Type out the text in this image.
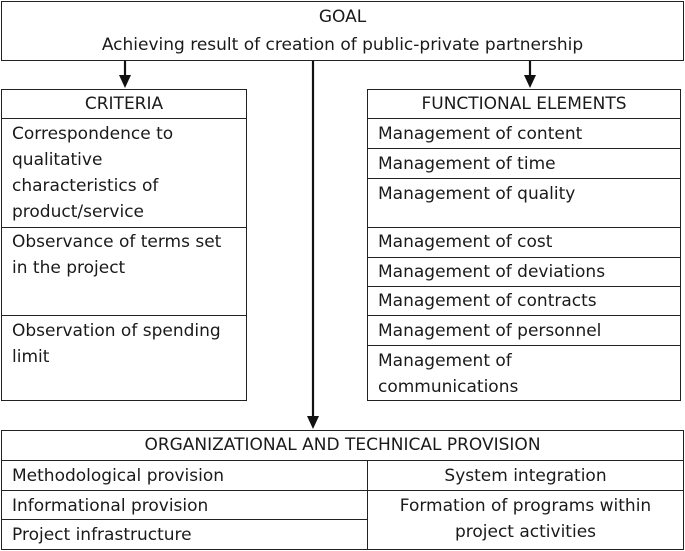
GOAL
Achieving result of creation of public-private partnership
CRITERIA
Correspondence to
qualitative
characteristics of
product/service
Observance of terms set
in the project
Observation of spending
limit
FUNCTIONAL ELEMENTS
Management of content
Management of time
Management of quality
Management of cost
Management of deviations
Management of contracts
Management of personnel
Management of
communications
ORGANIZATIONAL AND TECHNICAL PROVISION
Methodological provision
Informational provision
Project infrastructure
System integration
Formation of programs within
project activities
